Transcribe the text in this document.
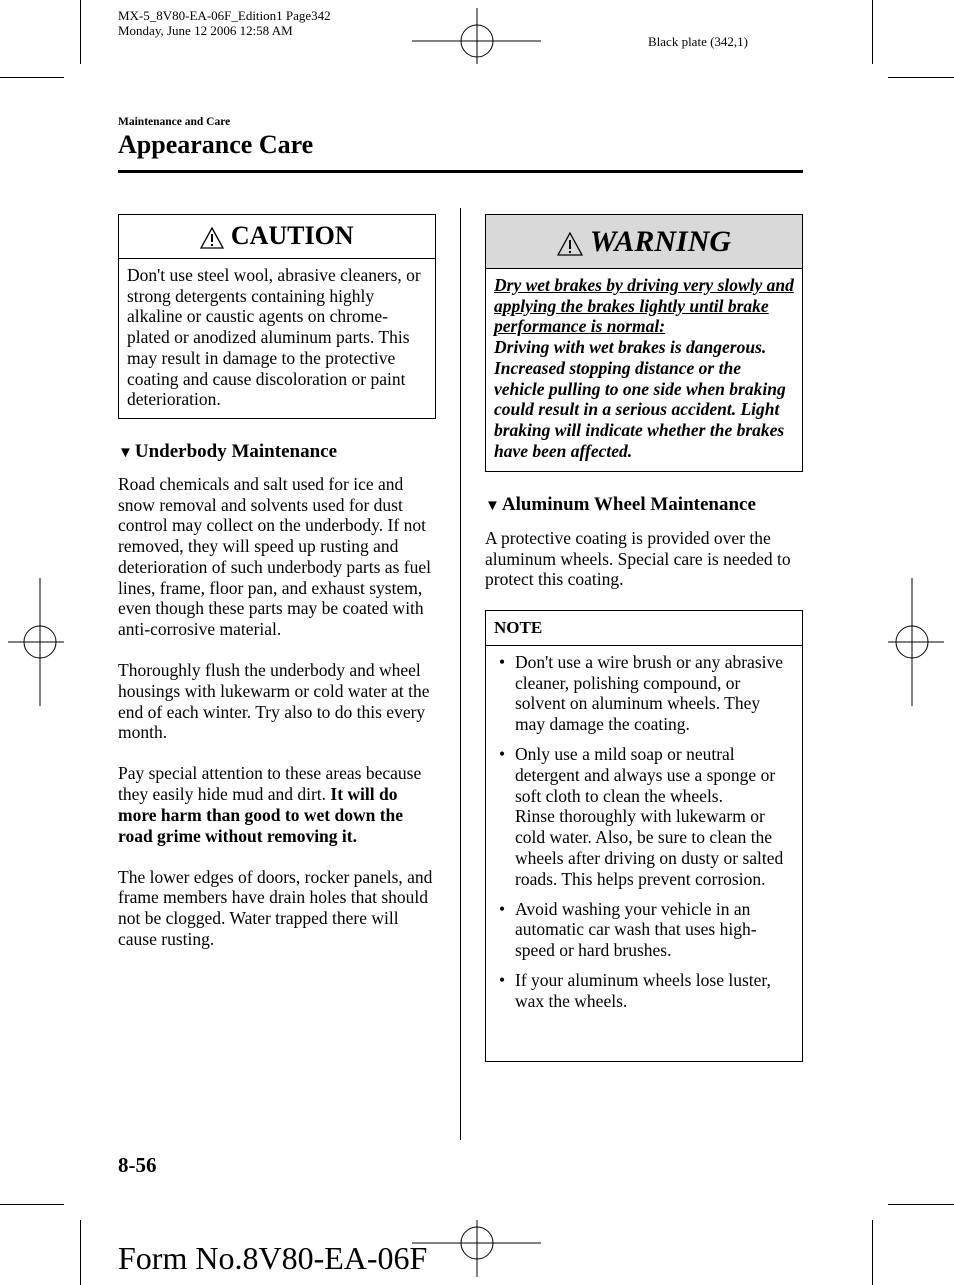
MX-5_8V80-EA-06F_Edition1 Page342
Monday, June 12 2006 12:58 AM
Black plate (342,1)
Maintenance and Care
Appearance Care
CAUTION
Don't use steel wool, abrasive cleaners, or strong detergents containing highly alkaline or caustic agents on chrome-plated or anodized aluminum parts. This may result in damage to the protective coating and cause discoloration or paint deterioration.
▼ Underbody Maintenance

Road chemicals and salt used for ice and snow removal and solvents used for dust control may collect on the underbody. If not removed, they will speed up rusting and deterioration of such underbody parts as fuel lines, frame, floor pan, and exhaust system, even though these parts may be coated with anti-corrosive material.

Thoroughly flush the underbody and wheel housings with lukewarm or cold water at the end of each winter. Try also to do this every month.

Pay special attention to these areas because they easily hide mud and dirt. It will do more harm than good to wet down the road grime without removing it.

The lower edges of doors, rocker panels, and frame members have drain holes that should not be clogged. Water trapped there will cause rusting.

WARNING
Dry wet brakes by driving very slowly and applying the brakes lightly until brake performance is normal:
Driving with wet brakes is dangerous. Increased stopping distance or the vehicle pulling to one side when braking could result in a serious accident. Light braking will indicate whether the brakes have been affected.
▼ Aluminum Wheel Maintenance

A protective coating is provided over the aluminum wheels. Special care is needed to protect this coating.

NOTE
• Don't use a wire brush or any abrasive cleaner, polishing compound, or solvent on aluminum wheels. They may damage the coating.
• Only use a mild soap or neutral detergent and always use a sponge or soft cloth to clean the wheels.
Rinse thoroughly with lukewarm or cold water. Also, be sure to clean the wheels after driving on dusty or salted roads. This helps prevent corrosion.
• Avoid washing your vehicle in an automatic car wash that uses high-speed or hard brushes.
• If your aluminum wheels lose luster, wax the wheels.
8-56
Form No.8V80-EA-06F
